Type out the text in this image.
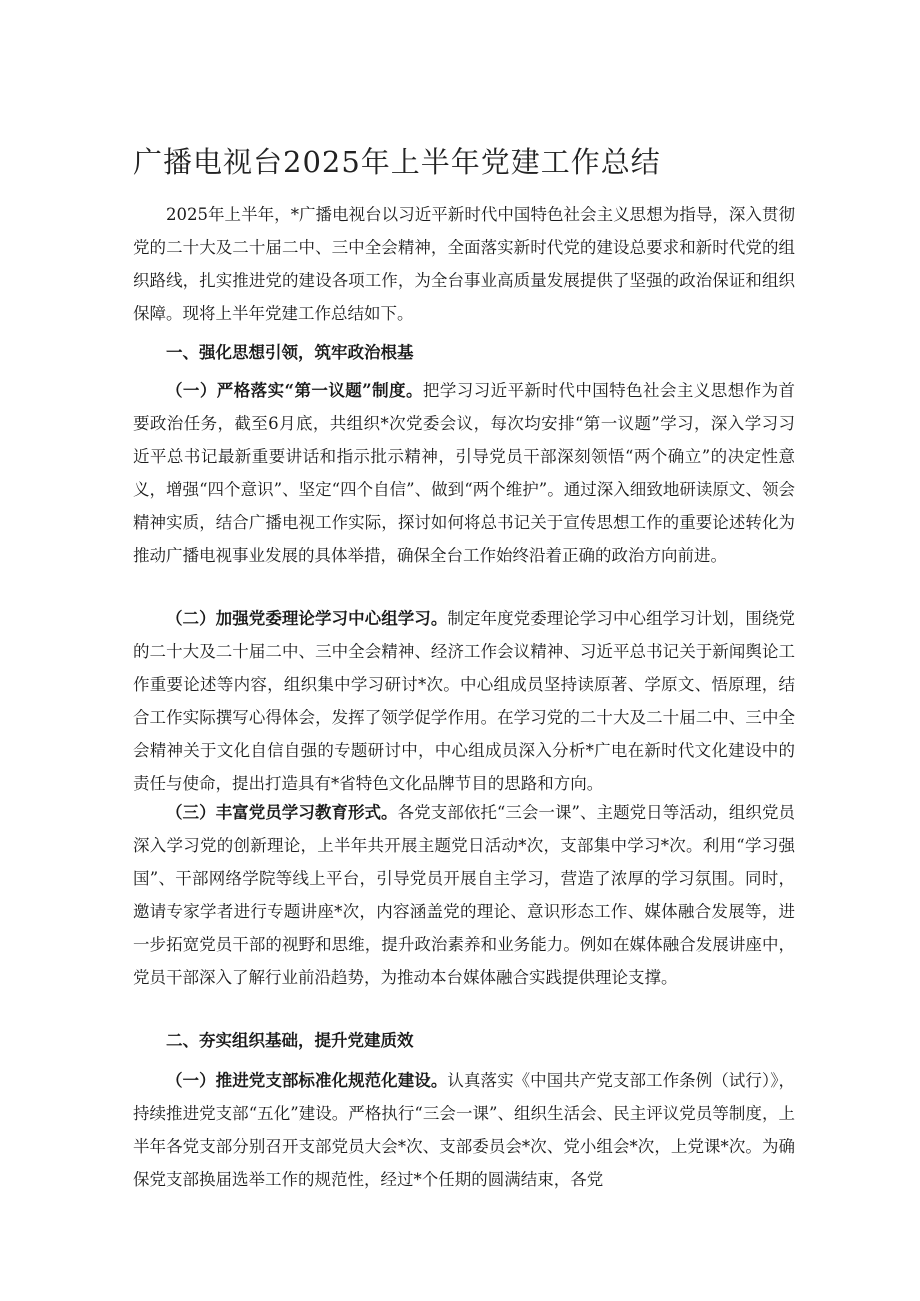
广播电视台2025年上半年党建工作总结

2025年上半年，*广播电视台以习近平新时代中国特色社会主义思想为指导，深入贯彻党的二十大及二十届二中、三中全会精神，全面落实新时代党的建设总要求和新时代党的组织路线，扎实推进党的建设各项工作，为全台事业高质量发展提供了坚强的政治保证和组织保障。现将上半年党建工作总结如下。

一、强化思想引领，筑牢政治根基

（一）严格落实“第一议题”制度。把学习习近平新时代中国特色社会主义思想作为首要政治任务，截至6月底，共组织*次党委会议，每次均安排“第一议题”学习，深入学习习近平总书记最新重要讲话和指示批示精神，引导党员干部深刻领悟“两个确立”的决定性意义，增强“四个意识”、坚定“四个自信”、做到“两个维护”。通过深入细致地研读原文、领会精神实质，结合广播电视工作实际，探讨如何将总书记关于宣传思想工作的重要论述转化为推动广播电视事业发展的具体举措，确保全台工作始终沿着正确的政治方向前进。

（二）加强党委理论学习中心组学习。制定年度党委理论学习中心组学习计划，围绕党的二十大及二十届二中、三中全会精神、经济工作会议精神、习近平总书记关于新闻舆论工作重要论述等内容，组织集中学习研讨*次。中心组成员坚持读原著、学原文、悟原理，结合工作实际撰写心得体会，发挥了领学促学作用。在学习党的二十大及二十届二中、三中全会精神关于文化自信自强的专题研讨中，中心组成员深入分析*广电在新时代文化建设中的责任与使命，提出打造具有*省特色文化品牌节目的思路和方向。

（三）丰富党员学习教育形式。各党支部依托“三会一课”、主题党日等活动，组织党员深入学习党的创新理论，上半年共开展主题党日活动*次，支部集中学习*次。利用“学习强国”、干部网络学院等线上平台，引导党员开展自主学习，营造了浓厚的学习氛围。同时，邀请专家学者进行专题讲座*次，内容涵盖党的理论、意识形态工作、媒体融合发展等，进一步拓宽党员干部的视野和思维，提升政治素养和业务能力。例如在媒体融合发展讲座中，党员干部深入了解行业前沿趋势，为推动本台媒体融合实践提供理论支撑。

二、夯实组织基础，提升党建质效

（一）推进党支部标准化规范化建设。认真落实《中国共产党支部工作条例（试行）》，持续推进党支部“五化”建设。严格执行“三会一课”、组织生活会、民主评议党员等制度，上半年各党支部分别召开支部党员大会*次、支部委员会*次、党小组会*次，上党课*次。为确保党支部换届选举工作的规范性，经过*个任期的圆满结束，各党
